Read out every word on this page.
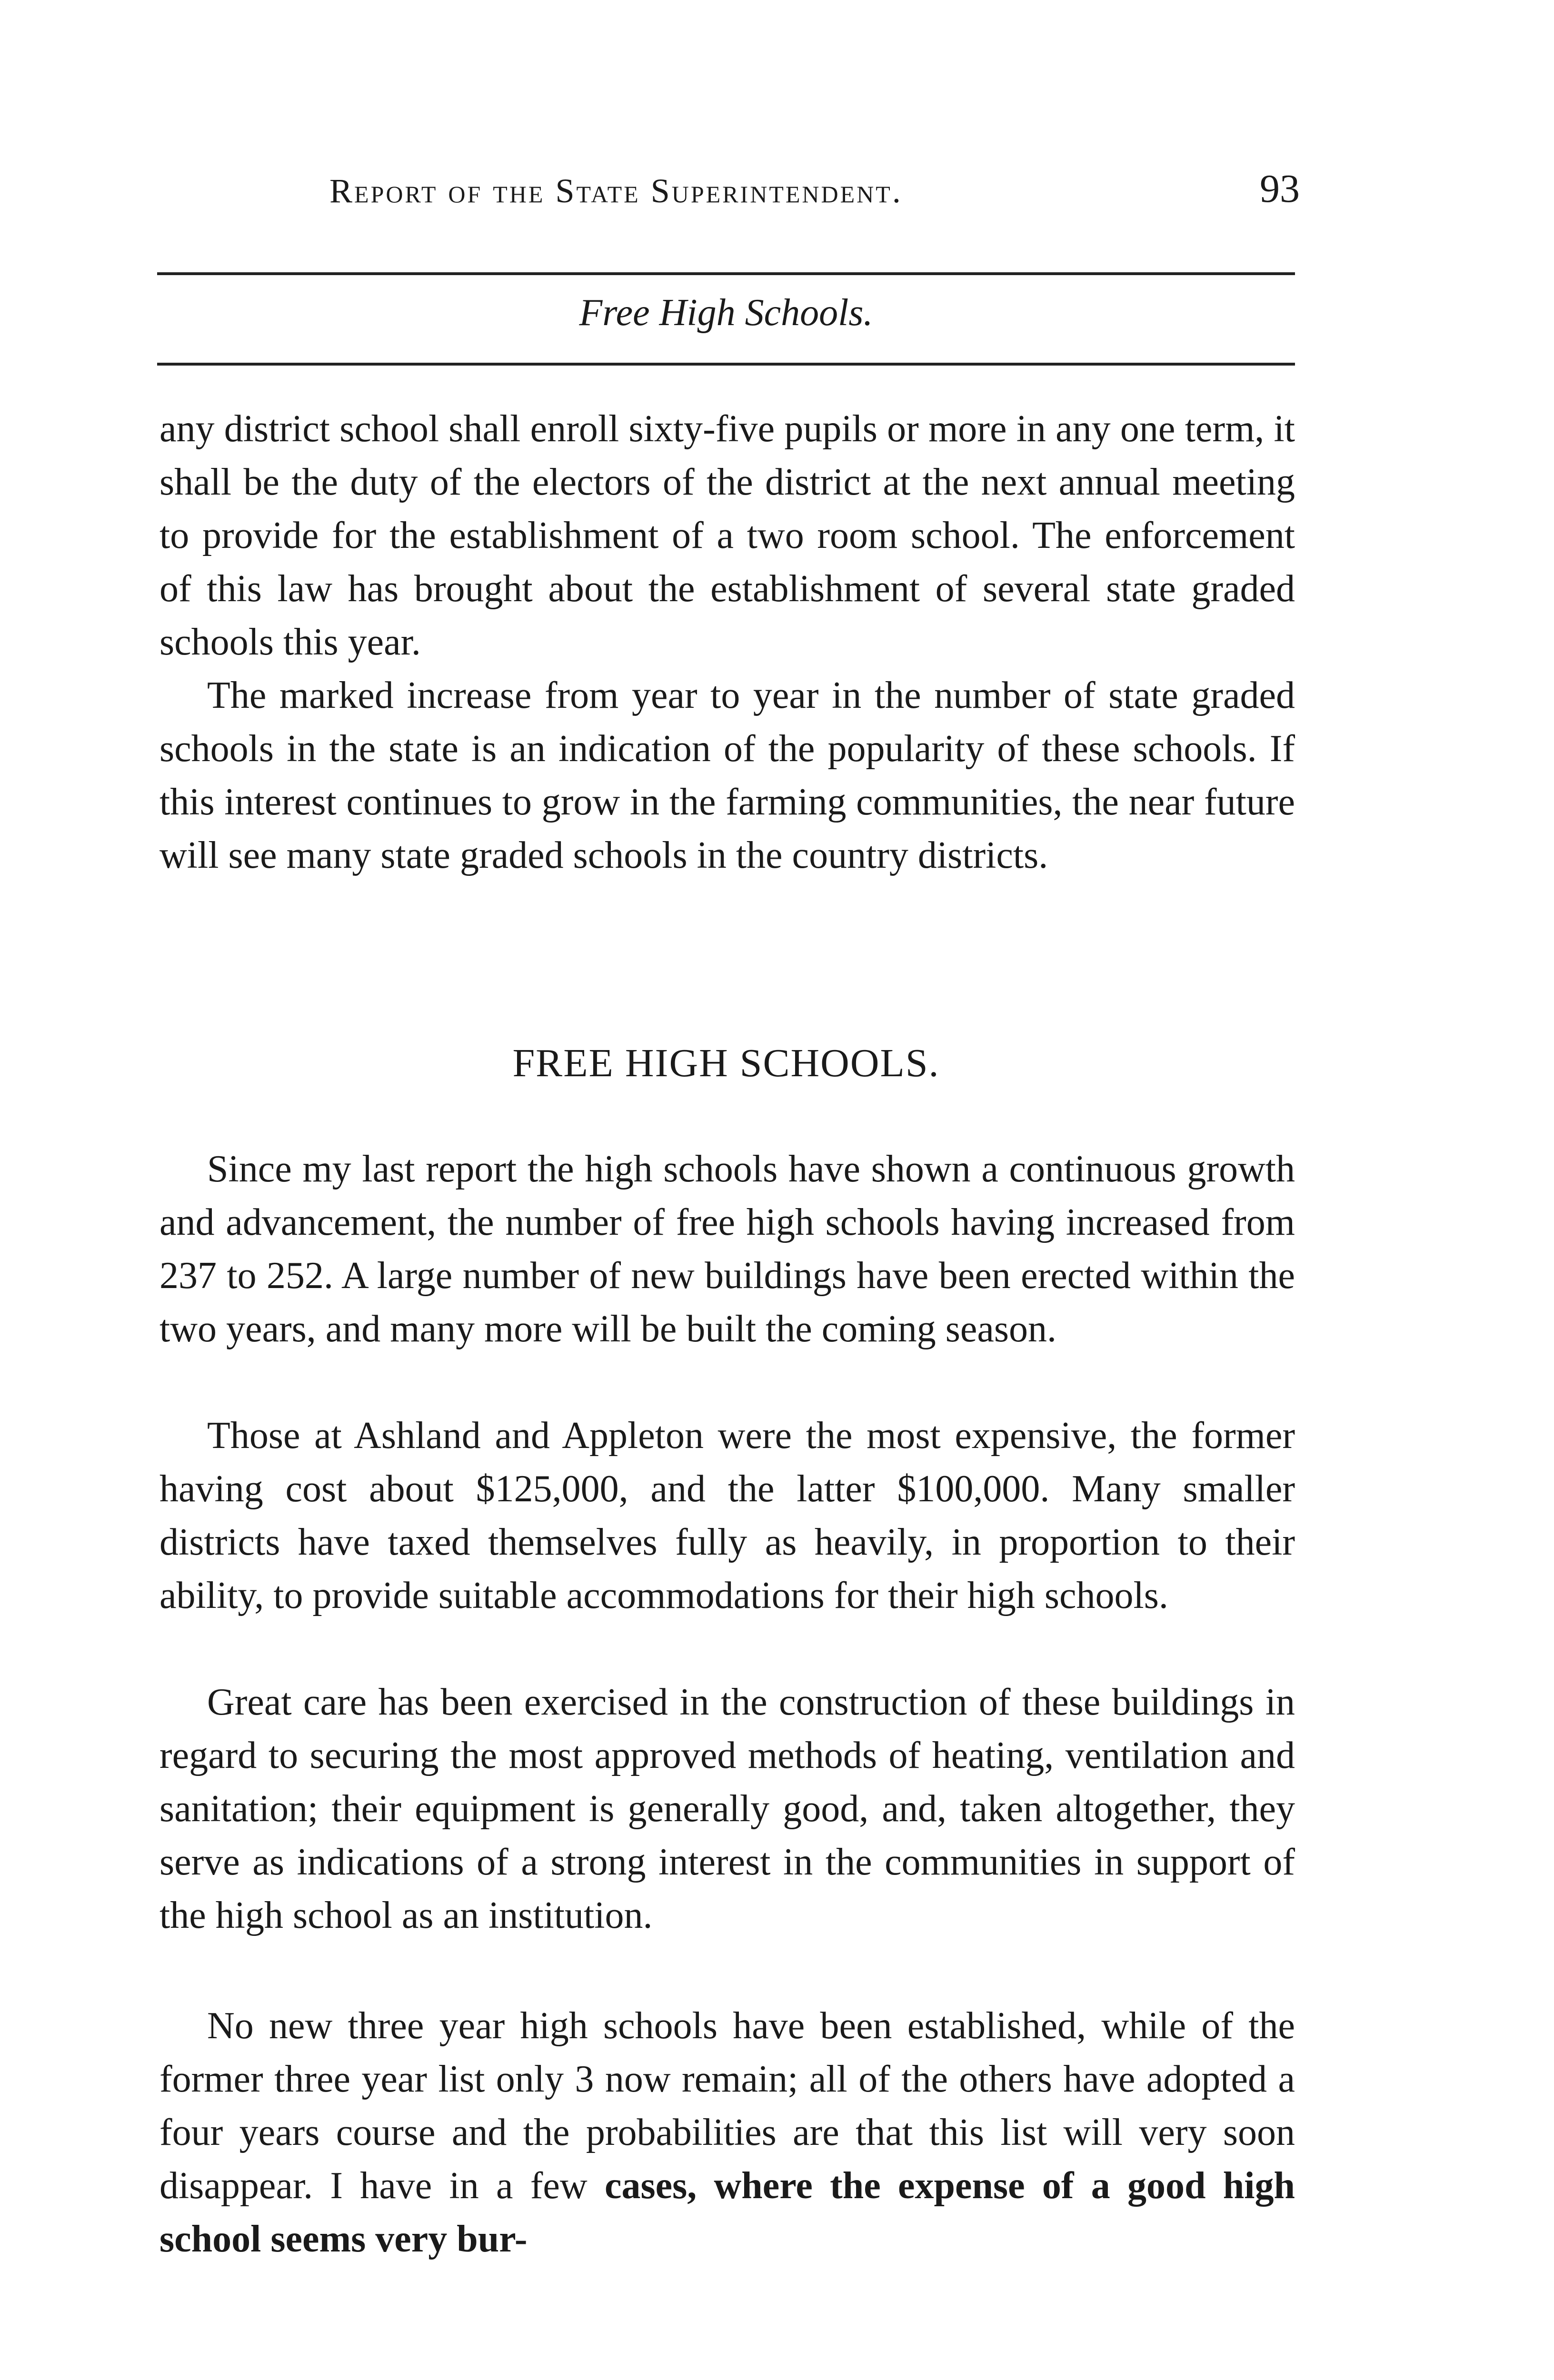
Report of the State Superintendent.	93
Free High Schools.

any district school shall enroll sixty-five pupils or more in any one term, it shall be the duty of the electors of the district at the next annual meeting to provide for the establishment of a two room school. The enforcement of this law has brought about the establishment of several state graded schools this year.

The marked increase from year to year in the number of state graded schools in the state is an indication of the popularity of these schools. If this interest continues to grow in the farming communities, the near future will see many state graded schools in the country districts.

FREE HIGH SCHOOLS.

Since my last report the high schools have shown a continuous growth and advancement, the number of free high schools having increased from 237 to 252. A large number of new buildings have been erected within the two years, and many more will be built the coming season.

Those at Ashland and Appleton were the most expensive, the former having cost about $125,000, and the latter $100,000. Many smaller districts have taxed themselves fully as heavily, in proportion to their ability, to provide suitable accommodations for their high schools.

Great care has been exercised in the construction of these buildings in regard to securing the most approved methods of heating, ventilation and sanitation; their equipment is generally good, and, taken altogether, they serve as indications of a strong interest in the communities in support of the high school as an institution.

No new three year high schools have been established, while of the former three year list only 3 now remain; all of the others have adopted a four years course and the probabilities are that this list will very soon disappear. I have in a few cases, where the expense of a good high school seems very bur-
